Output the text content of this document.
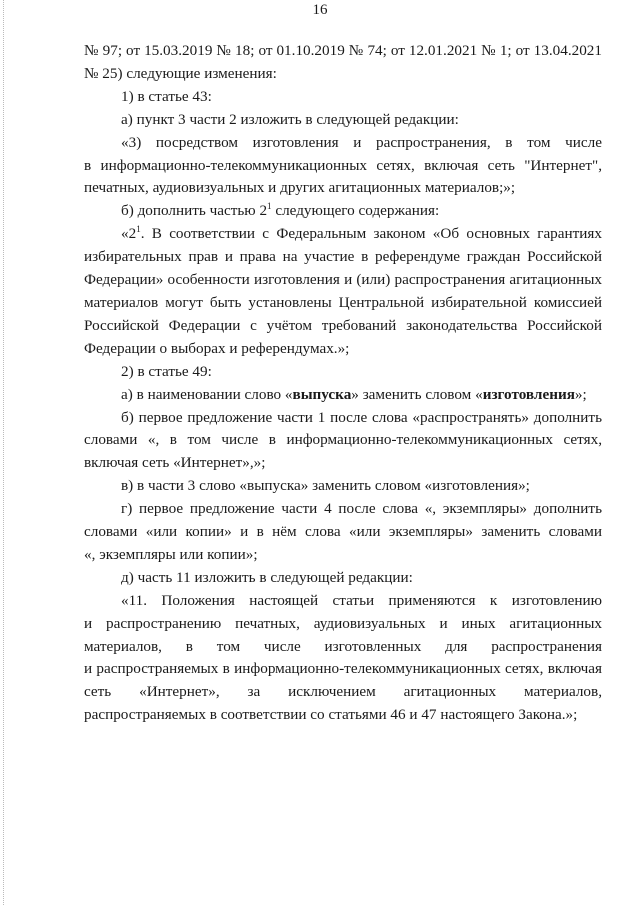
16

№ 97; от 15.03.2019 № 18; от 01.10.2019 № 74; от 12.01.2021 № 1; от 13.04.2021

№ 25) следующие изменения:

1) в статье 43:

а) пункт 3 части 2 изложить в следующей редакции:

«3) посредством изготовления и распространения, в том числе

в информационно-телекоммуникационных сетях, включая сеть "Интернет",

печатных, аудиовизуальных и других агитационных материалов;»;

б) дополнить частью $2^1$ следующего содержания:

«$2^1$. В соответствии с Федеральным законом «Об основных гарантиях

избирательных прав и права на участие в референдуме граждан Российской

Федерации» особенности изготовления и (или) распространения агитационных

материалов могут быть установлены Центральной избирательной комиссией

Российской Федерации с учётом требований законодательства Российской

Федерации о выборах и референдумах.»;

2) в статье 49:

а) в наименовании слово «выпуска» заменить словом «изготовления»;

б) первое предложение части 1 после слова «распространять» дополнить

словами «, в том числе в информационно-телекоммуникационных сетях,

включая сеть «Интернет»,»;

в) в части 3 слово «выпуска» заменить словом «изготовления»;

г) первое предложение части 4 после слова «, экземпляры» дополнить

словами «или копии» и в нём слова «или экземпляры» заменить словами

«, экземпляры или копии»;

д) часть 11 изложить в следующей редакции:

«11. Положения настоящей статьи применяются к изготовлению

и распространению печатных, аудиовизуальных и иных агитационных

материалов, в том числе изготовленных для распространения

и распространяемых в информационно-телекоммуникационных сетях, включая

сеть «Интернет», за исключением агитационных материалов,

распространяемых в соответствии со статьями 46 и 47 настоящего Закона.»;
